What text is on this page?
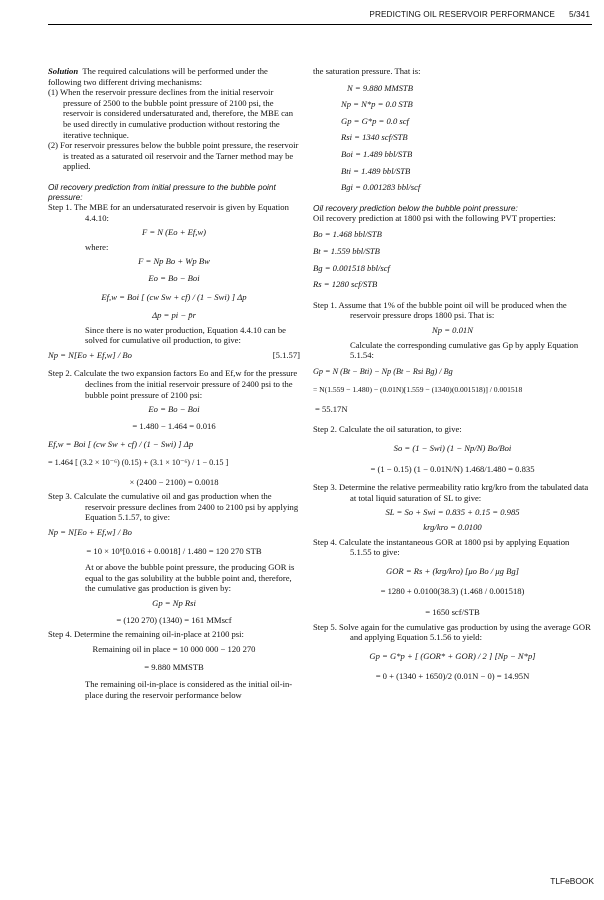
PREDICTING OIL RESERVOIR PERFORMANCE 5/341

Solution The required calculations will be performed under the following two different driving mechanisms:

(1) When the reservoir pressure declines from the initial reservoir pressure of 2500 to the bubble point pressure of 2100 psi, the reservoir is considered undersaturated and, therefore, the MBE can be used directly in cumulative production without restoring the iterative technique.

(2) For reservoir pressures below the bubble point pressure, the reservoir is treated as a saturated oil reservoir and the Tarner method may be applied.

Oil recovery prediction from initial pressure to the bubble point pressure:

Step 1. The MBE for an undersaturated reservoir is given by Equation 4.4.10:

F = N (Eo + Ef,w)

where:

F = Np Bo + Wp Bw

Eo = Bo − Boi

Ef,w = Boi [ (cw Sw + cf) / (1 − Swi) ] Δp

Δp = pi − p̄r

Since there is no water production, Equation 4.4.10 can be solved for cumulative oil production, to give:

Np = N[Eo + Ef,w] / Bo	[5.1.57]

Step 2. Calculate the two expansion factors Eo and Ef,w for the pressure declines from the initial reservoir pressure of 2400 psi to the bubble point pressure of 2100 psi:

Eo = Bo − Boi

= 1.480 − 1.464 = 0.016

Ef,w = Boi [ (cw Sw + cf) / (1 − Swi) ] Δp

= 1.464 [ (3.2 × 10⁻⁶) (0.15) + (3.1 × 10⁻⁶) / 1 − 0.15 ]

× (2400 − 2100) = 0.0018

Step 3. Calculate the cumulative oil and gas production when the reservoir pressure declines from 2400 to 2100 psi by applying Equation 5.1.57, to give:

Np = N[Eo + Ef,w] / Bo

= 10 × 10⁶[0.016 + 0.0018] / 1.480 = 120 270 STB

At or above the bubble point pressure, the producing GOR is equal to the gas solubility at the bubble point and, therefore, the cumulative gas production is given by:

Gp = Np Rsi

= (120 270) (1340) = 161 MMscf

Step 4. Determine the remaining oil-in-place at 2100 psi:

Remaining oil in place = 10 000 000 − 120 270

= 9.880 MMSTB

The remaining oil-in-place is considered as the initial oil-in-place during the reservoir performance below

the saturation pressure. That is:

N = 9.880 MMSTB

Np = N*p = 0.0 STB

Gp = G*p = 0.0 scf

Rsi = 1340 scf/STB

Boi = 1.489 bbl/STB

Bti = 1.489 bbl/STB

Bgi = 0.001283 bbl/scf

Oil recovery prediction below the bubble point pressure:

Oil recovery prediction at 1800 psi with the following PVT properties:

Bo = 1.468 bbl/STB

Bt = 1.559 bbl/STB

Bg = 0.001518 bbl/scf

Rs = 1280 scf/STB

Step 1. Assume that 1% of the bubble point oil will be produced when the reservoir pressure drops 1800 psi. That is:

Np = 0.01N

Calculate the corresponding cumulative gas Gp by apply Equation 5.1.54:

Gp = N (Bt − Bti) − Np (Bt − Rsi Bg) / Bg

= N(1.559 − 1.480) − (0.01N)[1.559 − (1340)(0.001518)] / 0.001518

= 55.17N

Step 2. Calculate the oil saturation, to give:

So = (1 − Swi) (1 − Np/N) Bo/Boi

= (1 − 0.15) (1 − 0.01N/N) 1.468/1.480 = 0.835

Step 3. Determine the relative permeability ratio krg/kro from the tabulated data at total liquid saturation of SL to give:

SL = So + Swi = 0.835 + 0.15 = 0.985

krg/kro = 0.0100

Step 4. Calculate the instantaneous GOR at 1800 psi by applying Equation 5.1.55 to give:

GOR = Rs + (krg/kro) [μo Bo / μg Bg]

= 1280 + 0.0100(38.3) (1.468 / 0.001518)

= 1650 scf/STB

Step 5. Solve again for the cumulative gas production by using the average GOR and applying Equation 5.1.56 to yield:

Gp = G*p + [ (GOR* + GOR) / 2 ] [Np − N*p]

= 0 + (1340 + 1650)/2 (0.01N − 0) = 14.95N

TLFeBOOK
